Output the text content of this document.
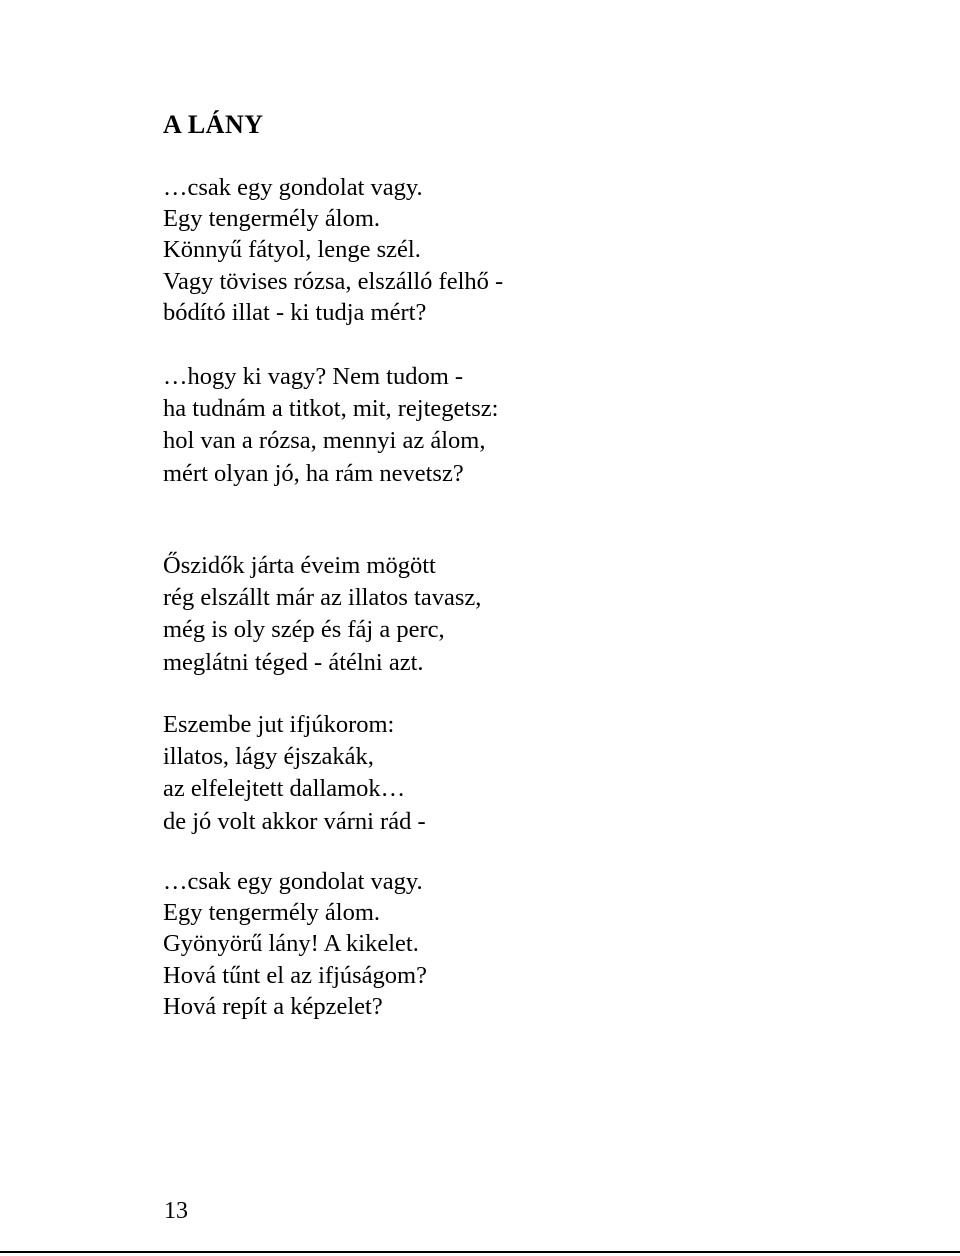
A LÁNY
…csak egy gondolat vagy.
Egy tengermély álom.
Könnyű fátyol, lenge szél.
Vagy tövises rózsa, elszálló felhő -
bódító illat - ki tudja mért?
…hogy ki vagy? Nem tudom -
ha tudnám a titkot, mit, rejtegetsz:
hol van a rózsa, mennyi az álom,
mért olyan jó, ha rám nevetsz?
Őszidők járta éveim mögött
rég elszállt már az illatos tavasz,
még is oly szép és fáj a perc,
meglátni téged - átélni azt.
Eszembe jut ifjúkorom:
illatos, lágy éjszakák,
az elfelejtett dallamok…
de jó volt akkor várni rád -
…csak egy gondolat vagy.
Egy tengermély álom.
Gyönyörű lány! A kikelet.
Hová tűnt el az ifjúságom?
Hová repít a képzelet?
13
